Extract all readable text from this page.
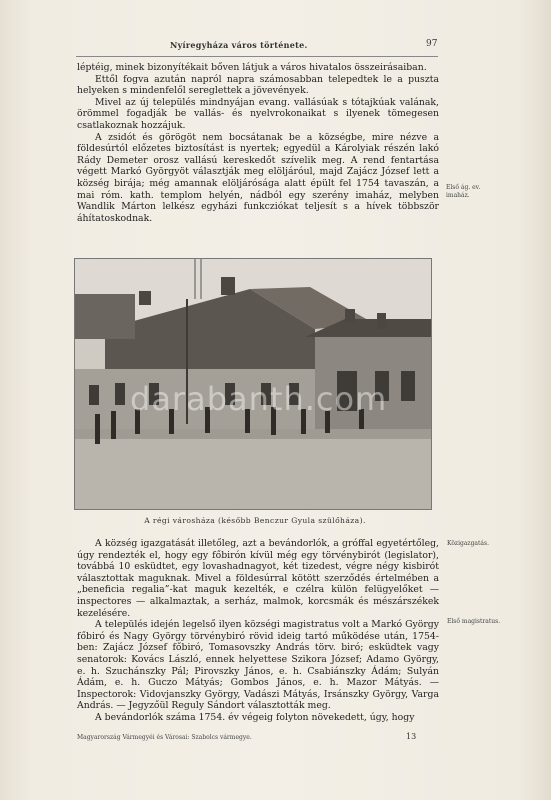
Nyíregyháza város története.	97

léptéig, minek bizonyítékait bőven látjuk a város hivatalos összeirásaiban.

Ettől fogva azután napról napra számosabban telepedtek le a puszta helyeken s mindenfelől sereglettek a jövevények.

Mivel az új település mindnyájan evang. vallásúak s tótajkúak valának, örömmel fogadják be vallás- és nyelvrokonaikat s ilyenek tömegesen csatlakoznak hozzájuk.

A zsidót és görögöt nem bocsátanak be a községbe, mire nézve a földesúrtól előzetes biztosítást is nyertek; egyedül a Károlyiak részén lakó Rády Demeter orosz vallású kereskedőt szívelik meg. A rend fentartása végett Markó Györgyöt választják meg elöljáróul, majd Zajácz József lett a község birája; még amannak elöljárósága alatt épült fel 1754 tavaszán, a mai róm. kath. templom helyén, nádból egy szerény imaház, melyben Wandlik Márton lelkész egyházi funkcziókat teljesít s a hívek többször áhítatoskodnak.

Első ág. ev. imaház.
darabanth.com
A régi városháza (később Benczur Gyula szülőháza).

A község igazgatását illetőleg, azt a bevándorlók, a gróffal egyetértőleg, úgy rendezték el, hogy egy főbirón kívül még egy törvénybirót (legislator), továbbá 10 esküdtet, egy lovashadnagyot, két tizedest, végre négy kisbirót választottak maguknak. Mivel a földesúrral kötött szerződés értelmében a „beneficia regalia”-kat maguk kezelték, e czélra külön felügyelőket — inspectores — alkalmaztak, a serház, malmok, korcsmák és mészárszékek kezelésére.

A település idején legelső ilyen községi magistratus volt a Markó György főbiró és Nagy György törvénybiró rövid ideig tartó működése után, 1754-ben: Zajácz József főbiró, Tomasovszky András törv. biró; esküdtek vagy senatorok: Kovács László, ennek helyettese Szikora József; Adamo György, e. h. Szuchánszky Pál; Pirovszky János, e. h. Csabiánszky Ádám; Sulyán Ádám, e. h. Guczo Mátyás; Gombos János, e. h. Mazor Mátyás. — Inspectorok: Vidovjanszky György, Vadászi Mátyás, Irsánszky György, Varga András. — Jegyzőül Reguly Sándort választották meg.

A bevándorlók száma 1754. év végeig folyton növekedett, úgy, hogy

Közigazgatás.
Első magistratus.
Magyarország Vármegyéi és Városai: Szabolcs vármegye.	13
